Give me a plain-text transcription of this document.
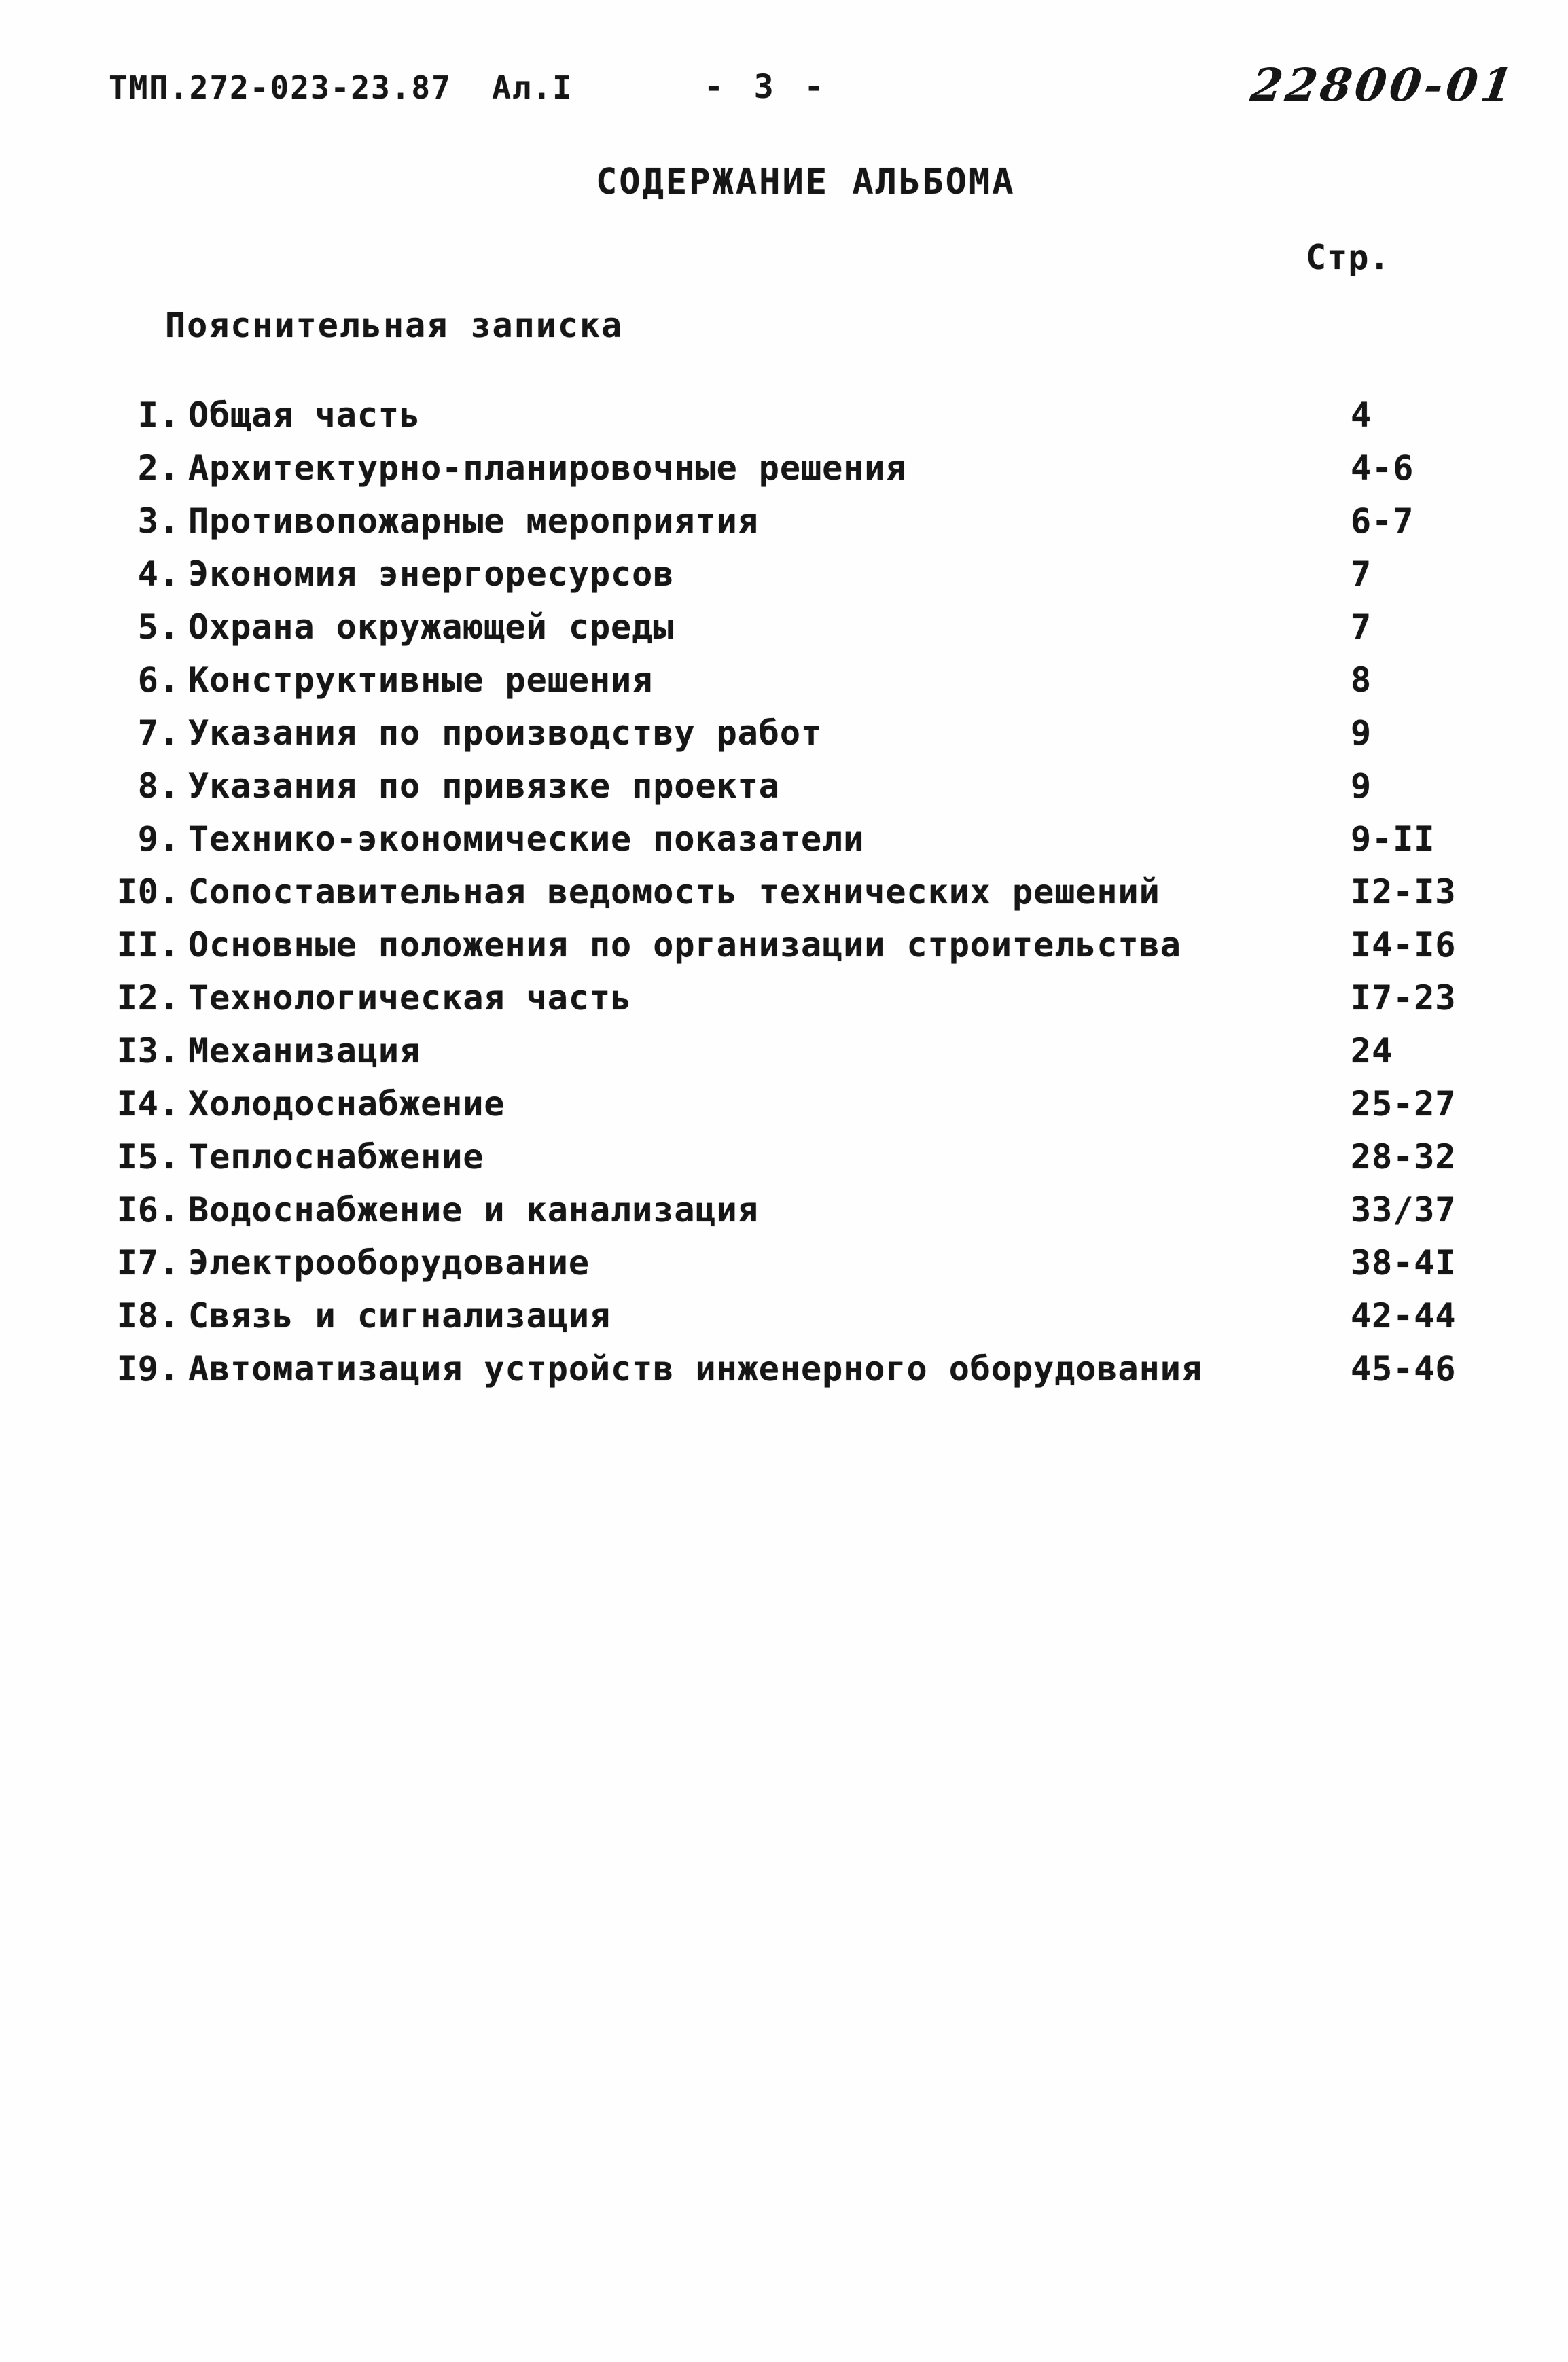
ТМП.272-023-23.87  Ал.I	- 3 -	22800-01
СОДЕРЖАНИЕ АЛЬБОМА
Стр.
Пояснительная записка
I. Общая часть	4
2. Архитектурно-планировочные решения	4-6
3. Противопожарные мероприятия	6-7
4. Экономия энергоресурсов	7
5. Охрана окружающей среды	7
6. Конструктивные решения	8
7. Указания по производству работ	9
8. Указания по привязке проекта	9
9. Технико-экономические показатели	9-II
I0. Сопоставительная ведомость технических решений	I2-I3
II. Основные положения по организации строительства	I4-I6
I2. Технологическая часть	I7-23
I3. Механизация	24
I4. Холодоснабжение	25-27
I5. Теплоснабжение	28-32
I6. Водоснабжение и канализация	33/37
I7. Электрооборудование	38-4I
I8. Связь и сигнализация	42-44
I9. Автоматизация устройств инженерного оборудования	45-46
